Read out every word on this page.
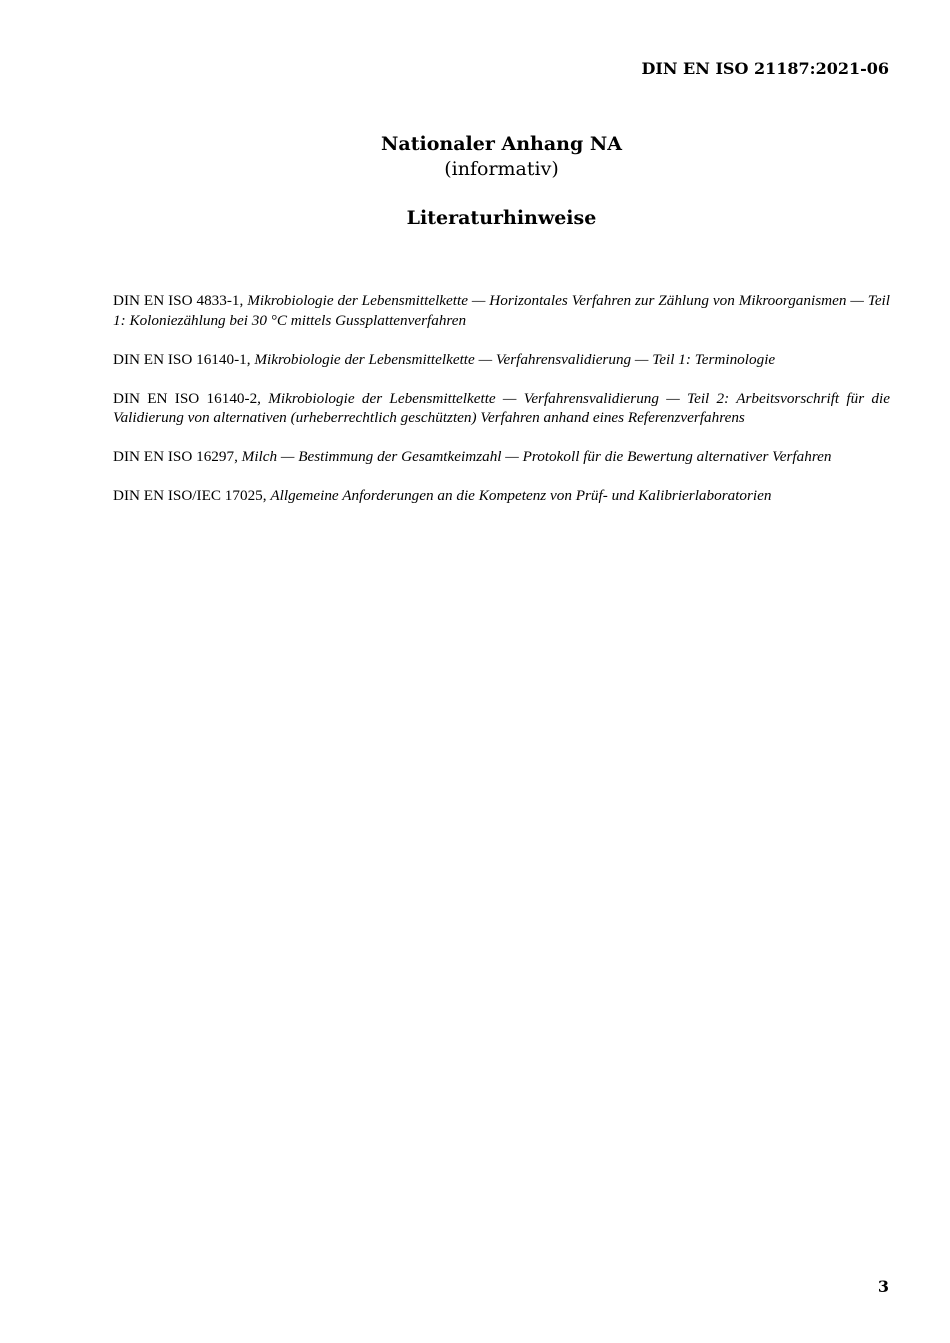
DIN EN ISO 21187:2021-06
Nationaler Anhang NA
(informativ)
Literaturhinweise

DIN EN ISO 4833-1, Mikrobiologie der Lebensmittelkette — Horizontales Verfahren zur Zählung von Mikroorganismen — Teil 1: Koloniezählung bei 30 °C mittels Gussplattenverfahren

DIN EN ISO 16140-1, Mikrobiologie der Lebensmittelkette — Verfahrensvalidierung — Teil 1: Terminologie

DIN EN ISO 16140-2, Mikrobiologie der Lebensmittelkette — Verfahrensvalidierung — Teil 2: Arbeitsvorschrift für die Validierung von alternativen (urheberrechtlich geschützten) Verfahren anhand eines Referenzverfahrens

DIN EN ISO 16297, Milch — Bestimmung der Gesamtkeimzahl — Protokoll für die Bewertung alternativer Verfahren

DIN EN ISO/IEC 17025, Allgemeine Anforderungen an die Kompetenz von Prüf- und Kalibrierlaboratorien

3
